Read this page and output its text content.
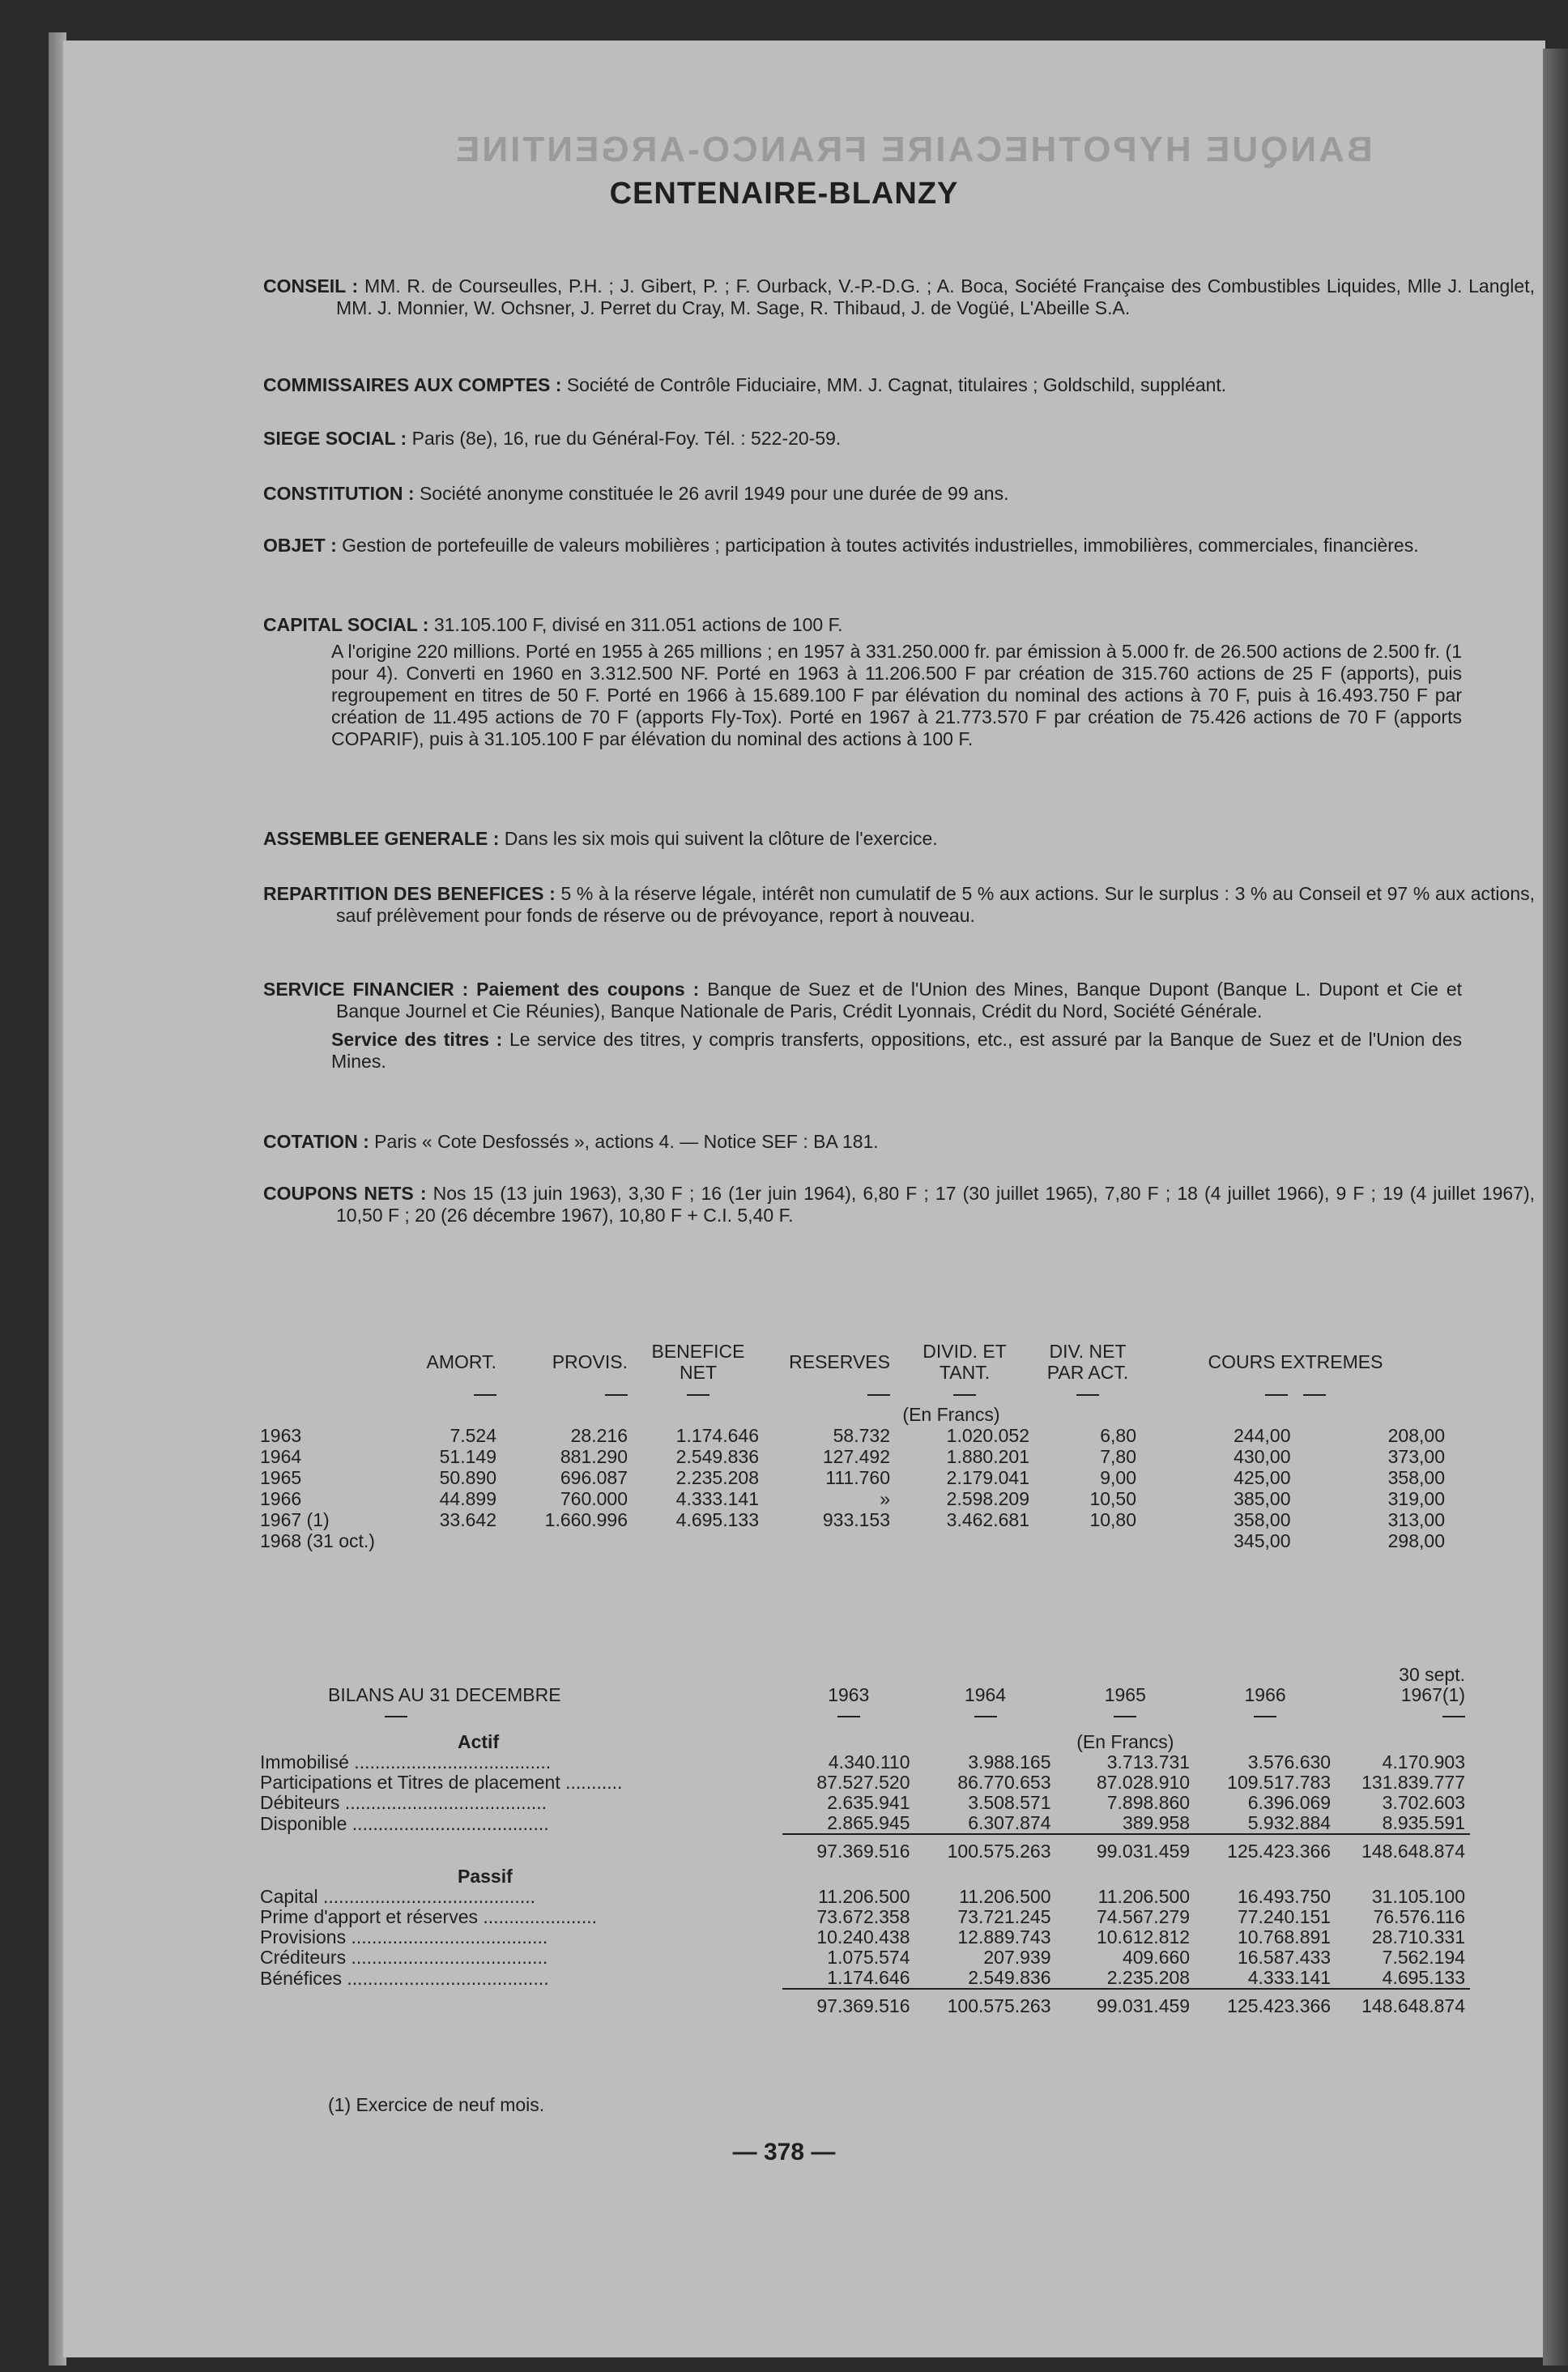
BANQUE HYPOTHECAIRE FRANCO-ARGENTINE
CENTENAIRE-BLANZY
CONSEIL : MM. R. de Courseulles, P.H. ; J. Gibert, P. ; F. Ourback, V.-P.-D.G. ; A. Boca, Société Française des Combustibles Liquides, Mlle J. Langlet, MM. J. Monnier, W. Ochsner, J. Perret du Cray, M. Sage, R. Thibaud, J. de Vogüé, L'Abeille S.A.
COMMISSAIRES AUX COMPTES : Société de Contrôle Fiduciaire, MM. J. Cagnat, titulaires ; Goldschild, suppléant.
SIEGE SOCIAL : Paris (8e), 16, rue du Général-Foy. Tél. : 522-20-59.
CONSTITUTION : Société anonyme constituée le 26 avril 1949 pour une durée de 99 ans.
OBJET : Gestion de portefeuille de valeurs mobilières ; participation à toutes activités industrielles, immobilières, commerciales, financières.
CAPITAL SOCIAL : 31.105.100 F, divisé en 311.051 actions de 100 F.
A l'origine 220 millions. Porté en 1955 à 265 millions ; en 1957 à 331.250.000 fr. par émission à 5.000 fr. de 26.500 actions de 2.500 fr. (1 pour 4). Converti en 1960 en 3.312.500 NF. Porté en 1963 à 11.206.500 F par création de 315.760 actions de 25 F (apports), puis regroupement en titres de 50 F. Porté en 1966 à 15.689.100 F par élévation du nominal des actions à 70 F, puis à 16.493.750 F par création de 11.495 actions de 70 F (apports Fly-Tox). Porté en 1967 à 21.773.570 F par création de 75.426 actions de 70 F (apports COPARIF), puis à 31.105.100 F par élévation du nominal des actions à 100 F.
ASSEMBLEE GENERALE : Dans les six mois qui suivent la clôture de l'exercice.
REPARTITION DES BENEFICES : 5 % à la réserve légale, intérêt non cumulatif de 5 % aux actions. Sur le surplus : 3 % au Conseil et 97 % aux actions, sauf prélèvement pour fonds de réserve ou de prévoyance, report à nouveau.
SERVICE FINANCIER : Paiement des coupons : Banque de Suez et de l'Union des Mines, Banque Dupont (Banque L. Dupont et Cie et Banque Journel et Cie Réunies), Banque Nationale de Paris, Crédit Lyonnais, Crédit du Nord, Société Générale.
Service des titres : Le service des titres, y compris transferts, oppositions, etc., est assuré par la Banque de Suez et de l'Union des Mines.
COTATION : Paris « Cote Desfossés », actions 4. — Notice SEF : BA 181.
COUPONS NETS : Nos 15 (13 juin 1963), 3,30 F ; 16 (1er juin 1964), 6,80 F ; 17 (30 juillet 1965), 7,80 F ; 18 (4 juillet 1966), 9 F ; 19 (4 juillet 1967), 10,50 F ; 20 (26 décembre 1967), 10,80 F + C.I. 5,40 F.
	AMORT.	PROVIS.	BENEFICE NET	RESERVES	DIVID. ET TANT.	DIV. NET PAR ACT.	COURS EXTREMES	

(En Francs)								
1963	7.524	28.216	1.174.646	58.732	1.020.052	6,80	244,00	208,00
1964	51.149	881.290	2.549.836	127.492	1.880.201	7,80	430,00	373,00
1965	50.890	696.087	2.235.208	111.760	2.179.041	9,00	425,00	358,00
1966	44.899	760.000	4.333.141	»	2.598.209	10,50	385,00	319,00
1967 (1)	33.642	1.660.996	4.695.133	933.153	3.462.681	10,80	358,00	313,00
1968 (31 oct.)							345,00	298,00
BILANS AU 31 DECEMBRE	1963	1964	1965	1966	30 sept. 1967(1)

Actif			(En Francs)		
Immobilisé ......................................	4.340.110	3.988.165	3.713.731	3.576.630	4.170.903
Participations et Titres de placement ...........	87.527.520	86.770.653	87.028.910	109.517.783	131.839.777
Débiteurs .......................................	2.635.941	3.508.571	7.898.860	6.396.069	3.702.603
Disponible ......................................	2.865.945	6.307.874	389.958	5.932.884	8.935.591
	97.369.516	100.575.263	99.031.459	125.423.366	148.648.874
Passif					
Capital .........................................	11.206.500	11.206.500	11.206.500	16.493.750	31.105.100
Prime d'apport et réserves ......................	73.672.358	73.721.245	74.567.279	77.240.151	76.576.116
Provisions ......................................	10.240.438	12.889.743	10.612.812	10.768.891	28.710.331
Créditeurs ......................................	1.075.574	207.939	409.660	16.587.433	7.562.194
Bénéfices .......................................	1.174.646	2.549.836	2.235.208	4.333.141	4.695.133
	97.369.516	100.575.263	99.031.459	125.423.366	148.648.874
(1) Exercice de neuf mois.
— 378 —
